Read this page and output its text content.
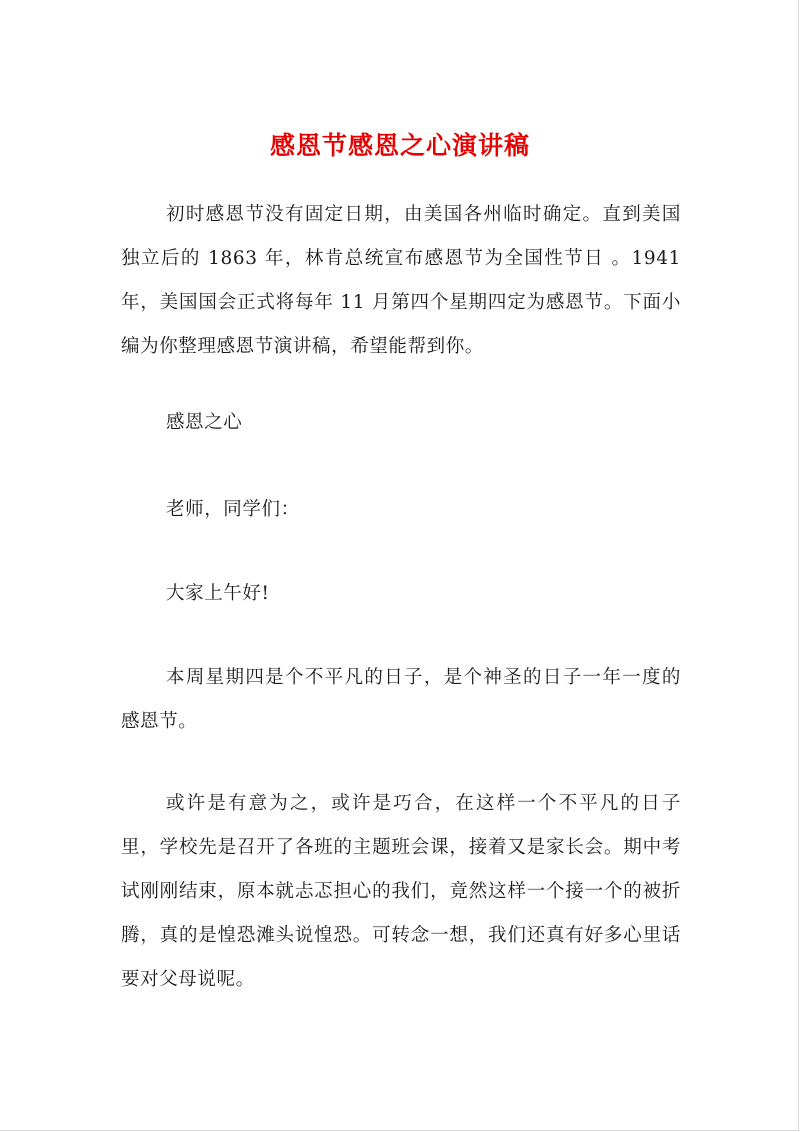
感恩节感恩之心演讲稿

初时感恩节没有固定日期，由美国各州临时确定。直到美国独立后的 1863 年，林肯总统宣布感恩节为全国性节日 。1941 年，美国国会正式将每年 11 月第四个星期四定为感恩节。下面小编为你整理感恩节演讲稿，希望能帮到你。

感恩之心

老师，同学们：

大家上午好!

本周星期四是个不平凡的日子，是个神圣的日子一年一度的感恩节。

或许是有意为之，或许是巧合，在这样一个不平凡的日子里，学校先是召开了各班的主题班会课，接着又是家长会。期中考试刚刚结束，原本就忐忑担心的我们，竟然这样一个接一个的被折腾，真的是惶恐滩头说惶恐。可转念一想，我们还真有好多心里话要对父母说呢。
